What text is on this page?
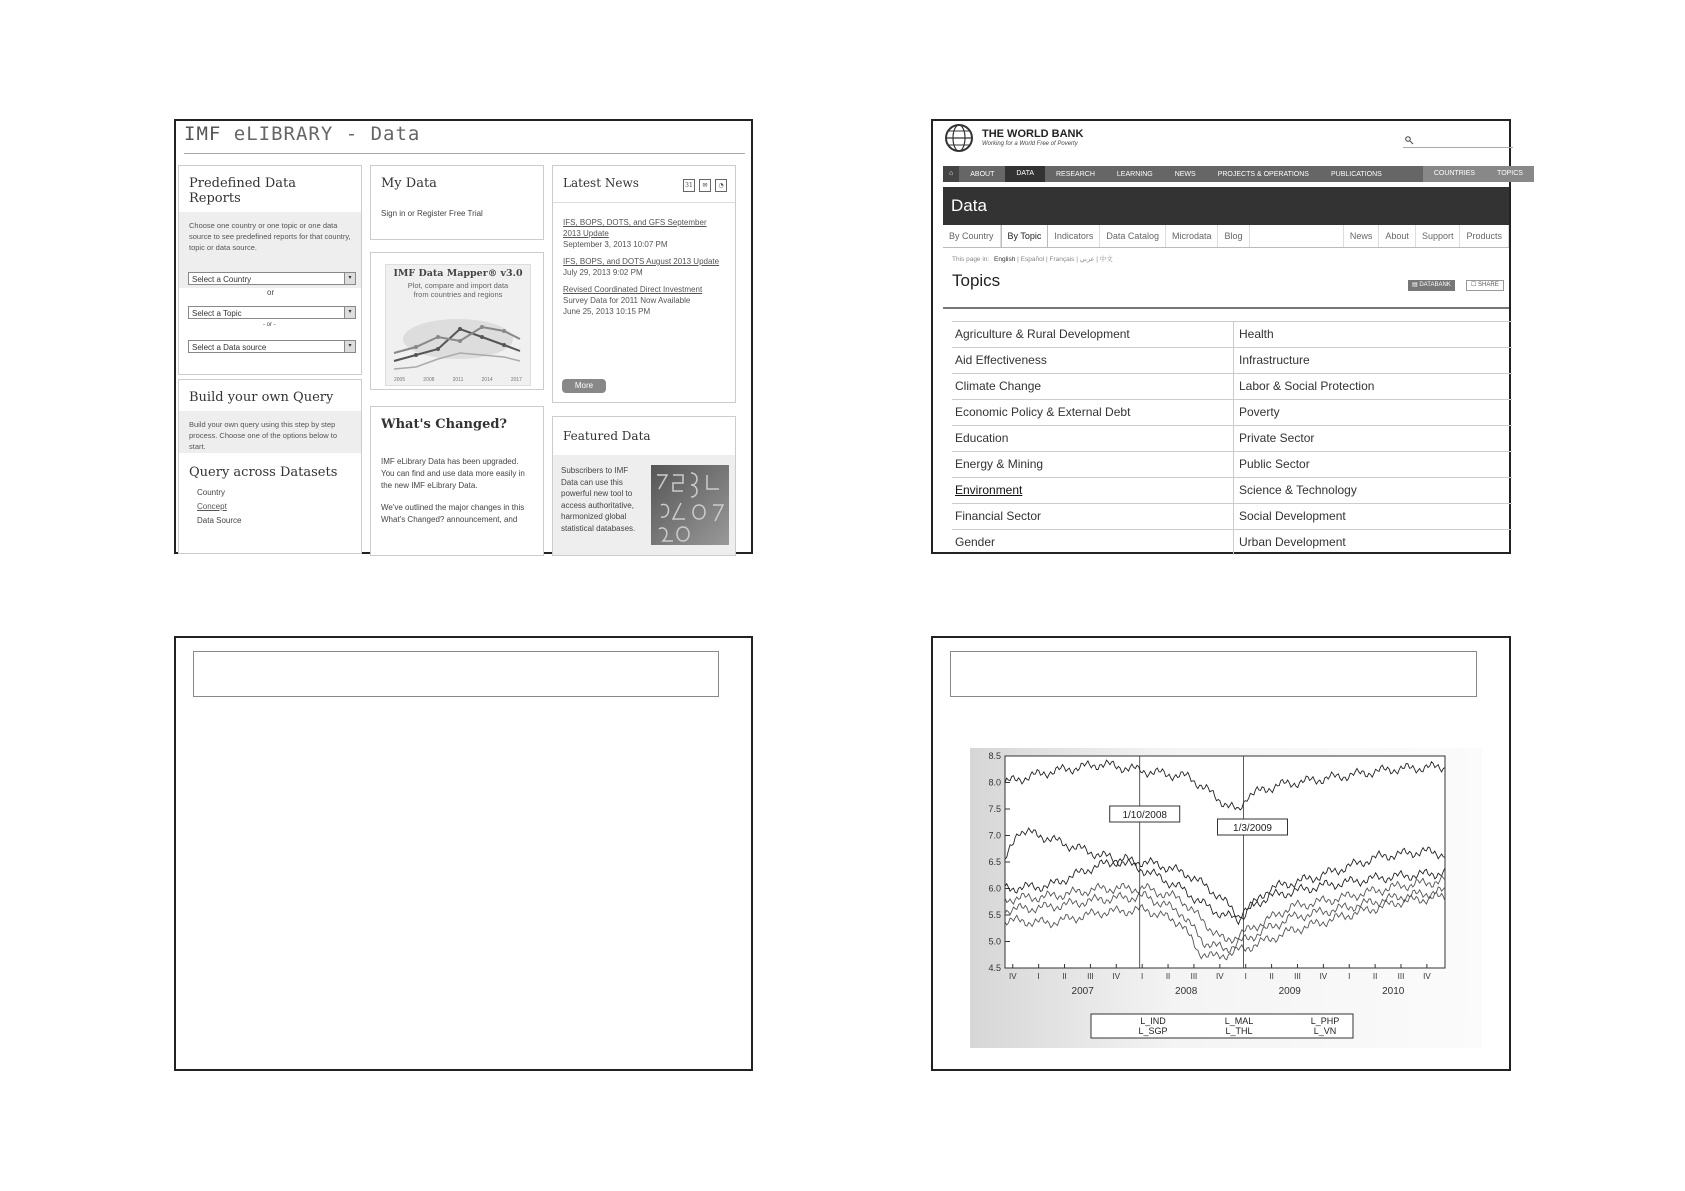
IMF eLIBRARY - Data
Predefined Data Reports
Choose one country or one topic or one data source to see predefined reports for that country, topic or data source.
Select a Country	▾
or
Select a Topic	▾
- or -
Select a Data source	▾
Build your own Query
Build your own query using this step by step process. Choose one of the options below to start.
Query across Datasets
Country
Concept
Data Source
My Data
Sign in or Register Free Trial
IMF Data Mapper® v3.0
Plot, compare and import data from countries and regions
2005	2008	2011	2014	2017
What's Changed?
IMF eLibrary Data has been upgraded. You can find and use data more easily in the new IMF eLibrary Data.
We've outlined the major changes in this What's Changed? announcement, and
Latest News	31 ✉ ◔
IFS, BOPS, DOTS, and GFS September 2013 Update
September 3, 2013 10:07 PM
IFS, BOPS, and DOTS August 2013 Update
July 29, 2013 9:02 PM
Revised Coordinated Direct Investment
Survey Data for 2011 Now Available
June 25, 2013 10:15 PM
More
Featured Data
Subscribers to IMF Data can use this powerful new tool to access authoritative, harmonized global statistical databases.
THE WORLD BANK
Working for a World Free of Poverty
⌂	ABOUT	DATA	RESEARCH	LEARNING	NEWS	PROJECTS & OPERATIONS	PUBLICATIONS	COUNTRIES	TOPICS
Data
By Country	By Topic	Indicators	Data Catalog	Microdata	Blog	News	About	Support	Products
This page in: English | Español | Français | عربي | 中文
Topics	▤ DATABANK	☐ SHARE
Agriculture & Rural Development	Health
Aid Effectiveness	Infrastructure
Climate Change	Labor & Social Protection
Economic Policy & External Debt	Poverty
Education	Private Sector
Energy & Mining	Public Sector
Environment	Science & Technology
Financial Sector	Social Development
Gender	Urban Development
4.5
5.0
5.5
6.0
6.5
7.0
7.5
8.0
8.5
IV	I	II	III IV	I	II	III IV	I	II	III IV	I	II	III IV
2007	2008	2009	2010
1/10/2008
1/3/2009
L_IND	L_MAL	L_PHP
L_SGP	L_THL	L_VN
